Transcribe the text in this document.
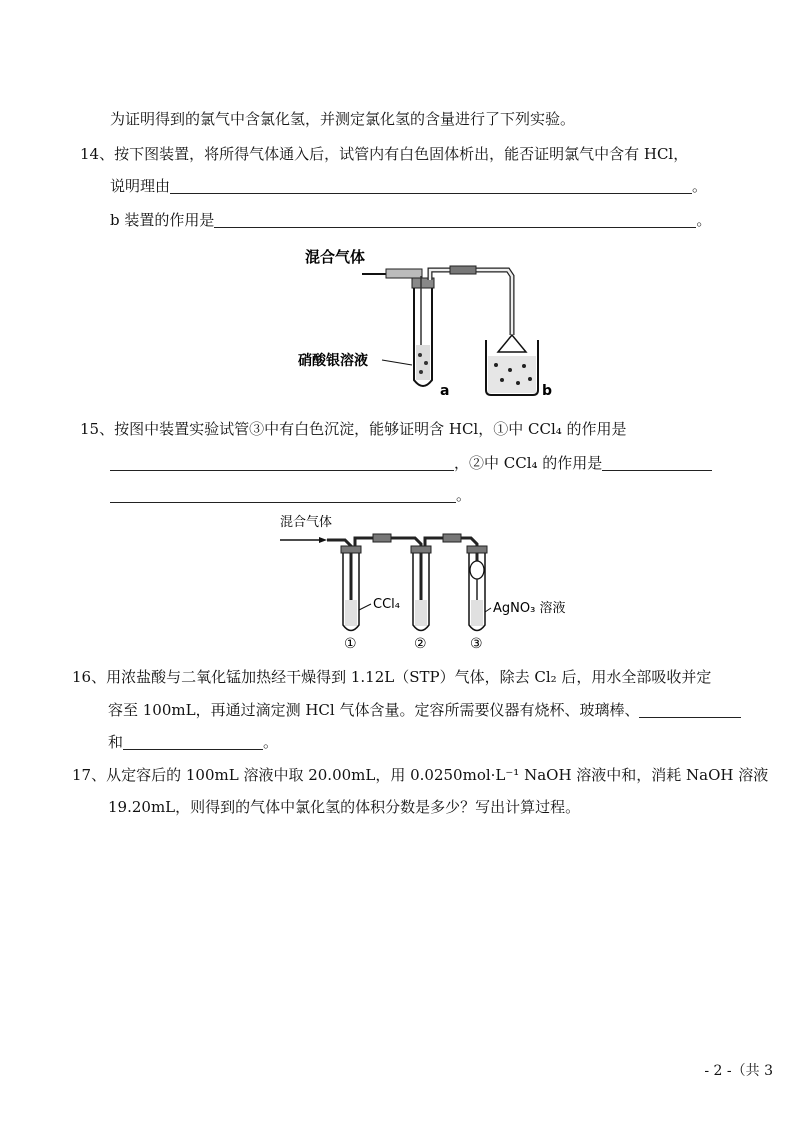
为证明得到的氯气中含氯化氢，并测定氯化氢的含量进行了下列实验。
14、按下图装置，将所得气体通入后，试管内有白色固体析出，能否证明氯气中含有 HCl，
说明理由	。
b 装置的作用是	。
混合气体
硝酸银溶液
a	b
15、按图中装置实验试管③中有白色沉淀，能够证明含 HCl，①中 CCl₄ 的作用是
，②中 CCl₄ 的作用是
。
混合气体
CCl₄	AgNO₃ 溶液
①	②	③
16、用浓盐酸与二氧化锰加热经干燥得到 1.12L（STP）气体，除去 Cl₂ 后，用水全部吸收并定
容至 100mL，再通过滴定测 HCl 气体含量。定容所需要仪器有烧杯、玻璃棒、
和	。
17、从定容后的 100mL 溶液中取 20.00mL，用 0.0250mol·L⁻¹ NaOH 溶液中和，消耗 NaOH 溶液
19.20mL，则得到的气体中氯化氢的体积分数是多少？写出计算过程。
- 2 -（共 3
